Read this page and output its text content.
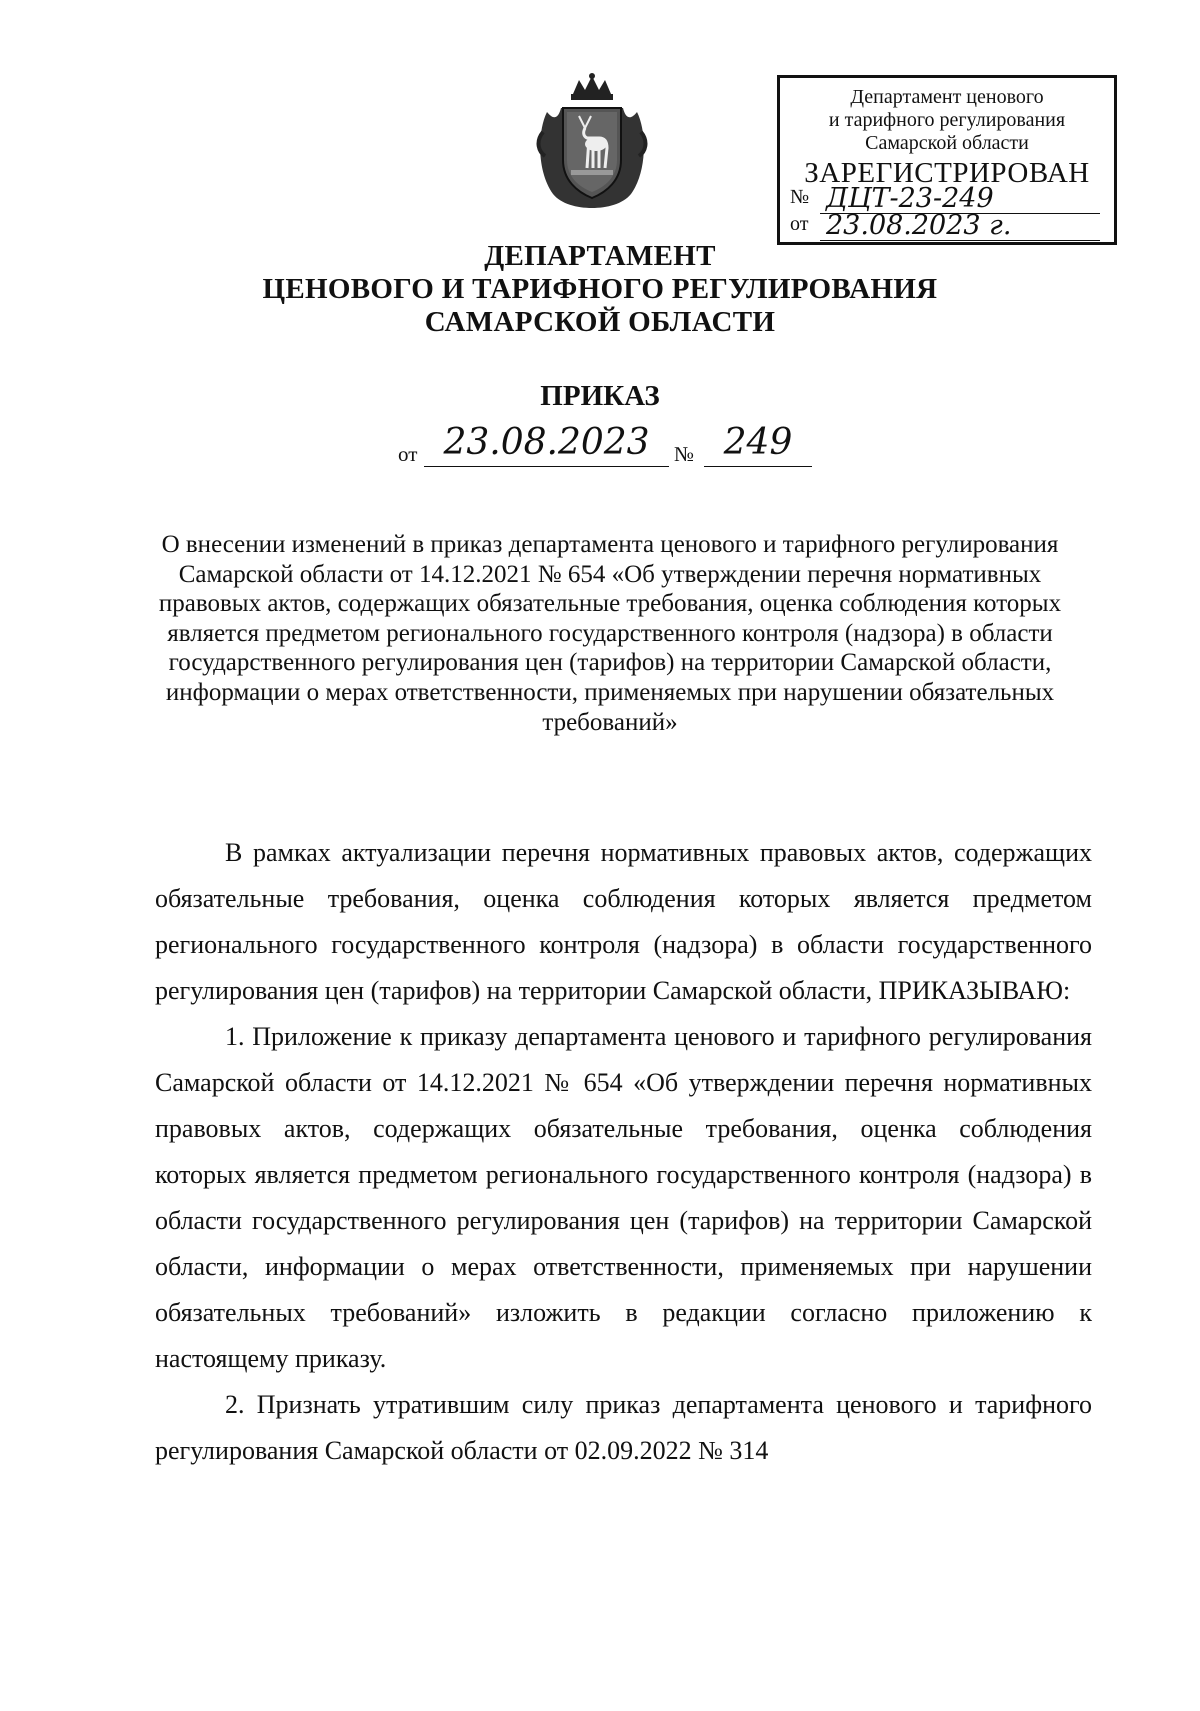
Департамент ценового
и тарифного регулирования
Самарской области
ЗАРЕГИСТРИРОВАН
№ ДЦТ-23-249
от 23.08.2023 г.
ДЕПАРТАМЕНТ
ЦЕНОВОГО И ТАРИФНОГО РЕГУЛИРОВАНИЯ
САМАРСКОЙ ОБЛАСТИ
ПРИКАЗ
от 23.08.2023	№ 249
О внесении изменений в приказ департамента ценового и тарифного регулирования Самарской области от 14.12.2021 № 654 «Об утверждении перечня нормативных правовых актов, содержащих обязательные требования, оценка соблюдения которых является предметом регионального государственного контроля (надзора) в области государственного регулирования цен (тарифов) на территории Самарской области, информации о мерах ответственности, применяемых при нарушении обязательных требований»

В рамках актуализации перечня нормативных правовых актов, содержащих обязательные требования, оценка соблюдения которых является предметом регионального государственного контроля (надзора) в области государственного регулирования цен (тарифов) на территории Самарской области, ПРИКАЗЫВАЮ:

1. Приложение к приказу департамента ценового и тарифного регулирования Самарской области от 14.12.2021 № 654 «Об утверждении перечня нормативных правовых актов, содержащих обязательные требования, оценка соблюдения которых является предметом регионального государственного контроля (надзора) в области государственного регулирования цен (тарифов) на территории Самарской области, информации о мерах ответственности, применяемых при нарушении обязательных требований» изложить в редакции согласно приложению к настоящему приказу.

2. Признать утратившим силу приказ департамента ценового и тарифного регулирования Самарской области от 02.09.2022 № 314
